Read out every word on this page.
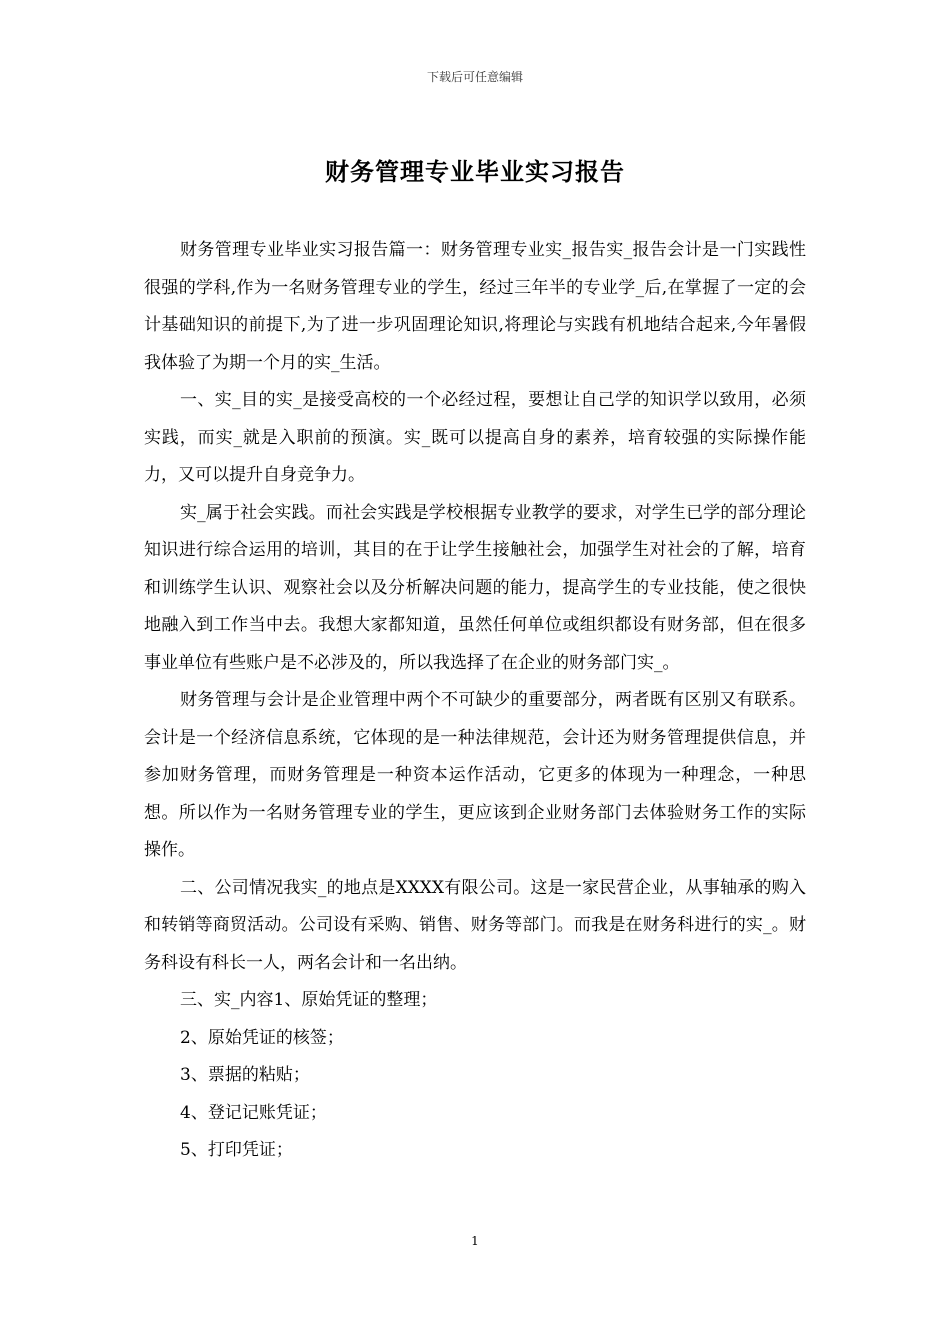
下载后可任意编辑
财务管理专业毕业实习报告

财务管理专业毕业实习报告篇一：财务管理专业实_报告实_报告会计是一门实践性很强的学科,作为一名财务管理专业的学生，经过三年半的专业学_后,在掌握了一定的会计基础知识的前提下,为了进一步巩固理论知识,将理论与实践有机地结合起来,今年暑假我体验了为期一个月的实_生活。

一、实_目的实_是接受高校的一个必经过程，要想让自己学的知识学以致用，必须实践，而实_就是入职前的预演。实_既可以提高自身的素养，培育较强的实际操作能力，又可以提升自身竞争力。

实_属于社会实践。而社会实践是学校根据专业教学的要求，对学生已学的部分理论知识进行综合运用的培训，其目的在于让学生接触社会，加强学生对社会的了解，培育和训练学生认识、观察社会以及分析解决问题的能力，提高学生的专业技能，使之很快地融入到工作当中去。我想大家都知道，虽然任何单位或组织都设有财务部，但在很多事业单位有些账户是不必涉及的，所以我选择了在企业的财务部门实_。

财务管理与会计是企业管理中两个不可缺少的重要部分，两者既有区别又有联系。会计是一个经济信息系统，它体现的是一种法律规范，会计还为财务管理提供信息，并参加财务管理，而财务管理是一种资本运作活动，它更多的体现为一种理念，一种思想。所以作为一名财务管理专业的学生，更应该到企业财务部门去体验财务工作的实际操作。

二、公司情况我实_的地点是XXXX有限公司。这是一家民营企业，从事轴承的购入和转销等商贸活动。公司设有采购、销售、财务等部门。而我是在财务科进行的实_。财务科设有科长一人，两名会计和一名出纳。

三、实_内容1、原始凭证的整理；

2、原始凭证的核签；

3、票据的粘贴；

4、登记记账凭证；

5、打印凭证；

1
